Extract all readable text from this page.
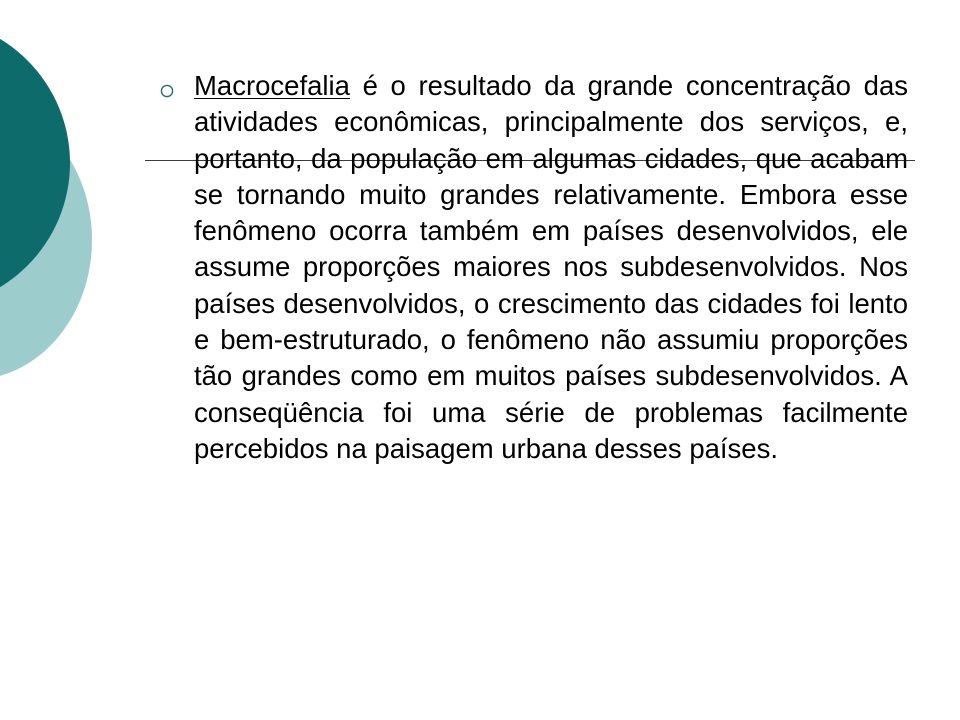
Macrocefalia é o resultado da grande concentração das atividades econômicas, principalmente dos serviços, e, portanto, da população em algumas cidades, que acabam se tornando muito grandes relativamente. Embora esse fenômeno ocorra também em países desenvolvidos, ele assume proporções maiores nos subdesenvolvidos. Nos países desenvolvidos, o crescimento das cidades foi lento e bem-estruturado, o fenômeno não assumiu proporções tão grandes como em muitos países subdesenvolvidos. A conseqüência foi uma série de problemas facilmente percebidos na paisagem urbana desses países.
